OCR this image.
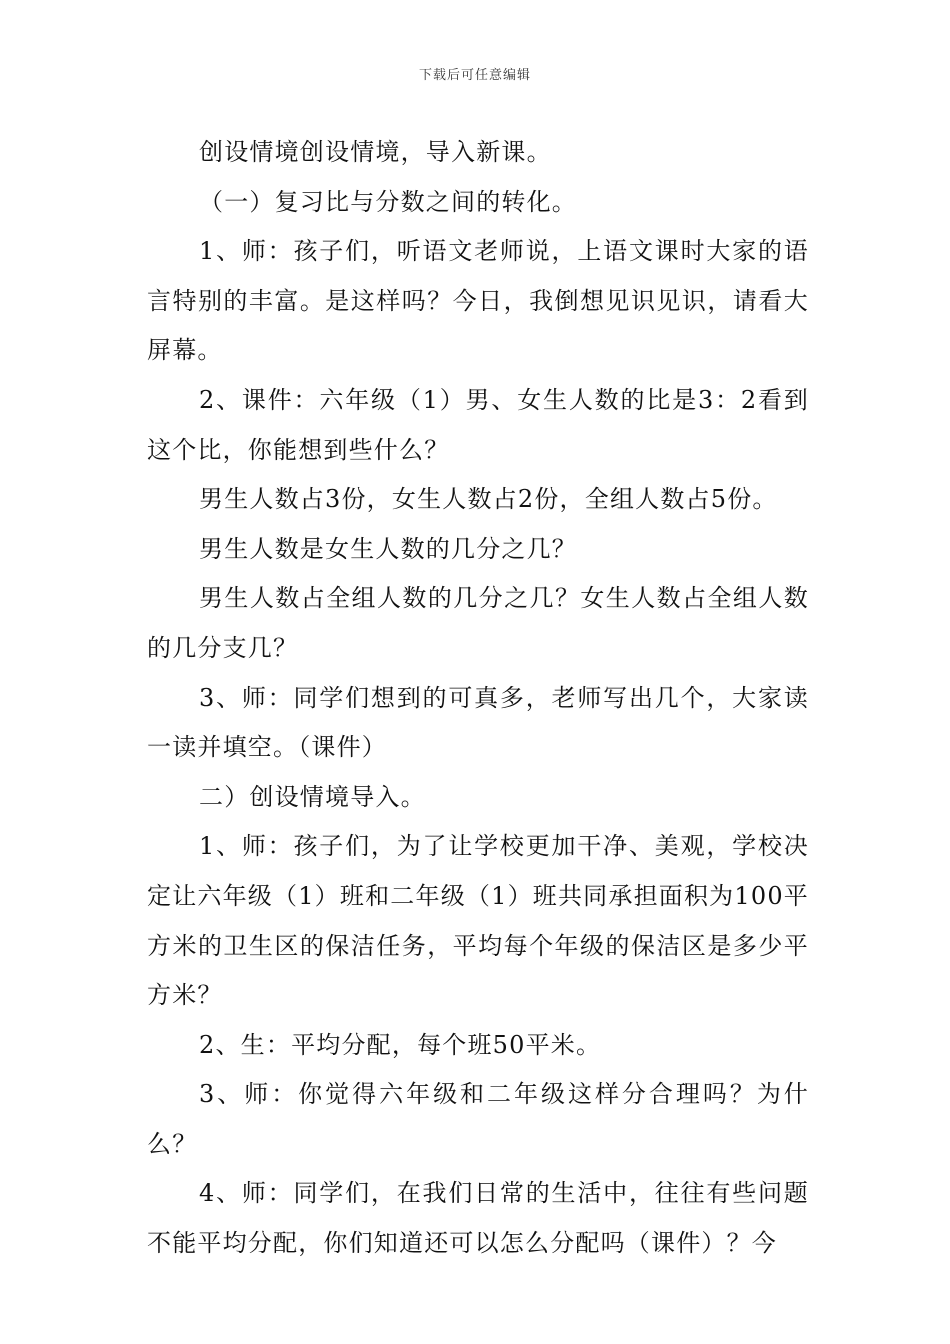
下载后可任意编辑

创设情境创设情境，导入新课。

（一）复习比与分数之间的转化。

1、师：孩子们，听语文老师说，上语文课时大家的语言特别的丰富。是这样吗？今日，我倒想见识见识，请看大屏幕。

2、课件：六年级（1）男、女生人数的比是3：2看到这个比，你能想到些什么？

男生人数占3份，女生人数占2份，全组人数占5份。

男生人数是女生人数的几分之几？

男生人数占全组人数的几分之几？女生人数占全组人数的几分支几？

3、师：同学们想到的可真多，老师写出几个，大家读一读并填空。（课件）

二）创设情境导入。

1、师：孩子们，为了让学校更加干净、美观，学校决定让六年级（1）班和二年级（1）班共同承担面积为100平方米的卫生区的保洁任务，平均每个年级的保洁区是多少平方米？

2、生：平均分配，每个班50平米。

3、师：你觉得六年级和二年级这样分合理吗？为什么？

4、师：同学们，在我们日常的生活中，往往有些问题不能平均分配，你们知道还可以怎么分配吗（课件）？今
